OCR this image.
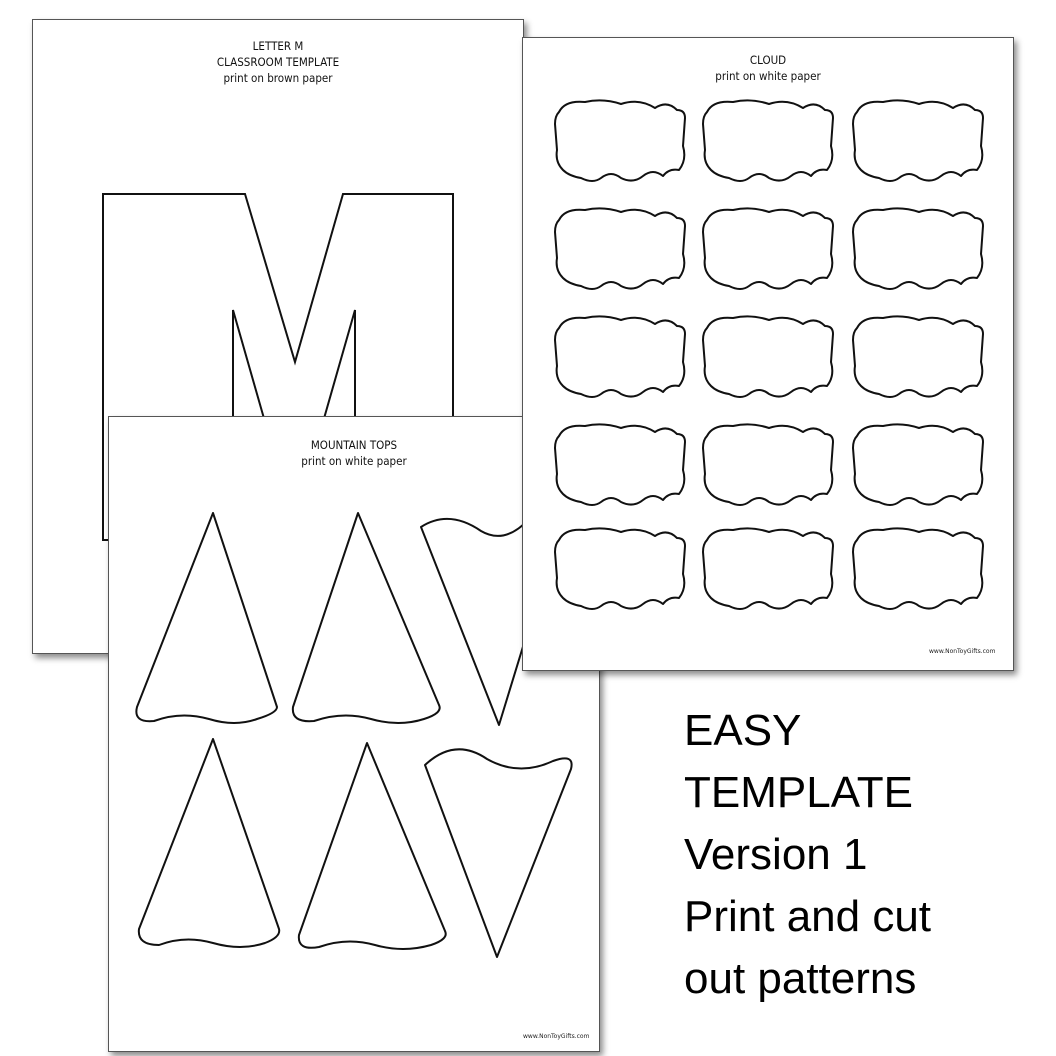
LETTER M
CLASSROOM TEMPLATE
print on brown paper
MOUNTAIN TOPS
print on white paper
www.NonToyGifts.com
CLOUD
print on white paper
www.NonToyGifts.com
EASY
TEMPLATE
Version 1
Print and cut
out patterns
